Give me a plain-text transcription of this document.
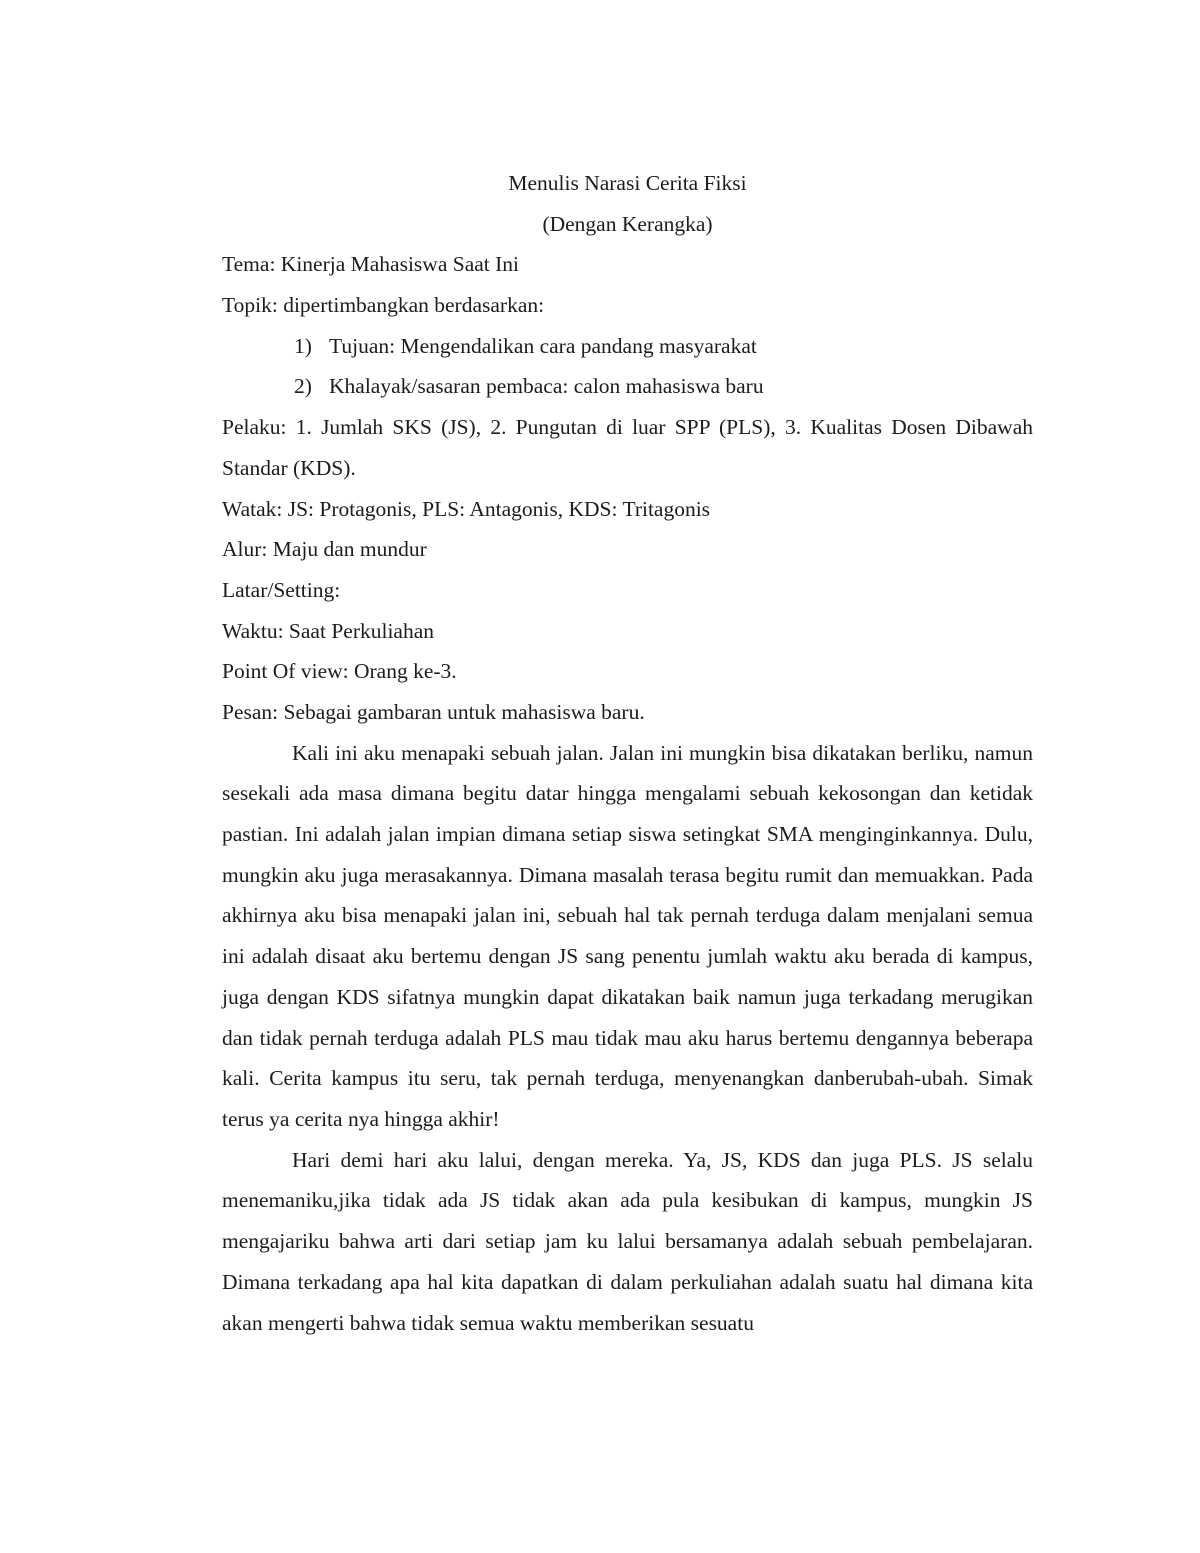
Menulis Narasi Cerita Fiksi
(Dengan Kerangka)
Tema: Kinerja Mahasiswa Saat Ini
Topik: dipertimbangkan berdasarkan:
1) Tujuan: Mengendalikan cara pandang masyarakat
2) Khalayak/sasaran pembaca: calon mahasiswa baru
Pelaku: 1. Jumlah SKS (JS), 2. Pungutan di luar SPP (PLS), 3. Kualitas Dosen Dibawah Standar (KDS).
Watak: JS: Protagonis, PLS: Antagonis, KDS: Tritagonis
Alur: Maju dan mundur
Latar/Setting:
Waktu: Saat Perkuliahan
Point Of view: Orang ke-3.
Pesan: Sebagai gambaran untuk mahasiswa baru.

Kali ini aku menapaki sebuah jalan. Jalan ini mungkin bisa dikatakan berliku, namun sesekali ada masa dimana begitu datar hingga mengalami sebuah kekosongan dan ketidak pastian. Ini adalah jalan impian dimana setiap siswa setingkat SMA menginginkannya. Dulu, mungkin aku juga merasakannya. Dimana masalah terasa begitu rumit dan memuakkan. Pada akhirnya aku bisa menapaki jalan ini, sebuah hal tak pernah terduga dalam menjalani semua ini adalah disaat aku bertemu dengan JS sang penentu jumlah waktu aku berada di kampus, juga dengan KDS sifatnya mungkin dapat dikatakan baik namun juga terkadang merugikan dan tidak pernah terduga adalah PLS mau tidak mau aku harus bertemu dengannya beberapa kali. Cerita kampus itu seru, tak pernah terduga, menyenangkan danberubah-ubah. Simak terus ya cerita nya hingga akhir!

Hari demi hari aku lalui, dengan mereka. Ya, JS, KDS dan juga PLS. JS selalu menemaniku,jika tidak ada JS tidak akan ada pula kesibukan di kampus, mungkin JS mengajariku bahwa arti dari setiap jam ku lalui bersamanya adalah sebuah pembelajaran. Dimana terkadang apa hal kita dapatkan di dalam perkuliahan adalah suatu hal dimana kita akan mengerti bahwa tidak semua waktu memberikan sesuatu
